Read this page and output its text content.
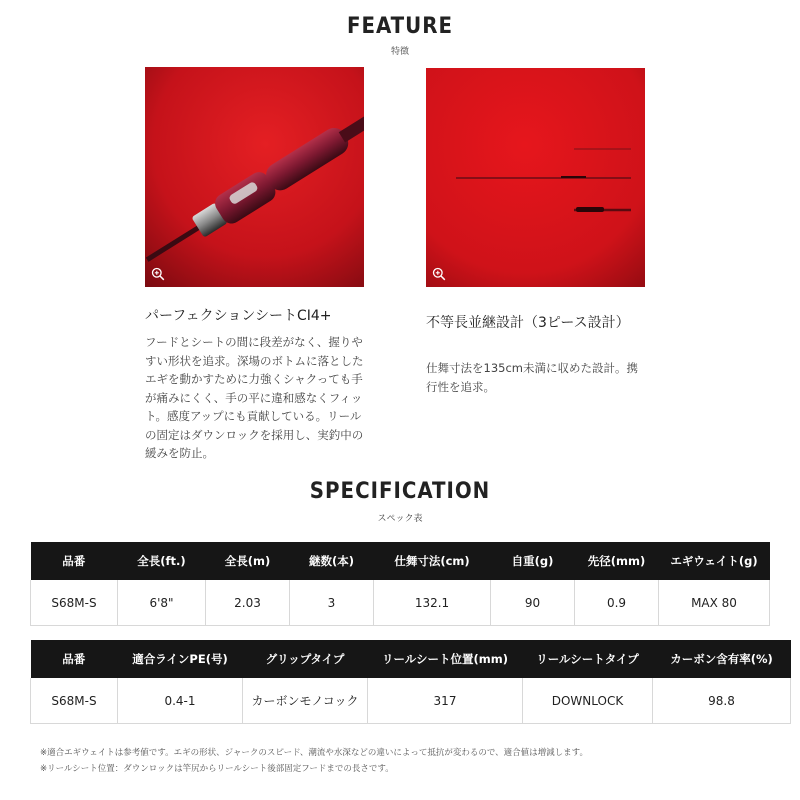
FEATURE
特徴
パーフェクションシートCI4+
フードとシートの間に段差がなく、握りやすい形状を追求。深場のボトムに落としたエギを動かすために力強くシャクっても手が痛みにくく、手の平に違和感なくフィット。感度アップにも貢献している。リールの固定はダウンロックを採用し、実釣中の緩みを防止。
不等長並継設計（3ピース設計）
仕舞寸法を135cm未満に収めた設計。携行性を追求。
SPECIFICATION
スペック表
品番	全長(ft.)	全長(m)	継数(本)	仕舞寸法(cm)	自重(g)	先径(mm)	エギウェイト(g)
S68M-S	6'8"	2.03	3	132.1	90	0.9	MAX 80
品番	適合ラインPE(号)	グリップタイプ	リールシート位置(mm)	リールシートタイプ	カーボン含有率(%)
S68M-S	0.4-1	カーボンモノコック	317	DOWNLOCK	98.8
※適合エギウェイトは参考値です。エギの形状、ジャークのスピード、潮流や水深などの違いによって抵抗が変わるので、適合値は増減します。
※リールシート位置：ダウンロックは竿尻からリールシート後部固定フードまでの長さです。
